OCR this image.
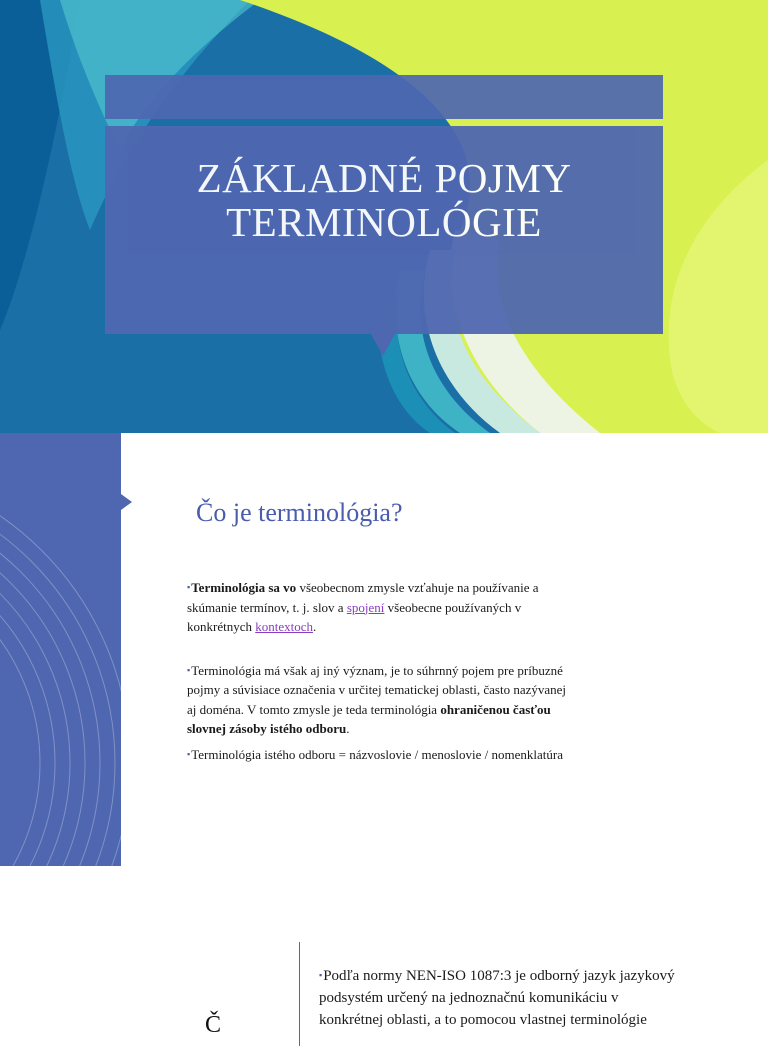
ZÁKLADNÉ POJMY
TERMINOLÓGIE
Čo je terminológia?

▪Terminológia sa vo všeobecnom zmysle vzťahuje na používanie a skúmanie termínov, t. j. slov a spojení všeobecne používaných v konkrétnych kontextoch.

▪Terminológia má však aj iný význam, je to súhrnný pojem pre príbuzné pojmy a súvisiace označenia v určitej tematickej oblasti, často nazývanej aj doména. V tomto zmysle je teda terminológia ohraničenou časťou slovnej zásoby istého odboru.

▪Terminológia istého odboru = názvoslovie / menoslovie / nomenklatúra

Č
▪Podľa normy NEN-ISO 1087:3 je odborný jazyk jazykový podsystém určený na jednoznačnú komunikáciu v konkrétnej oblasti, a to pomocou vlastnej terminológie
